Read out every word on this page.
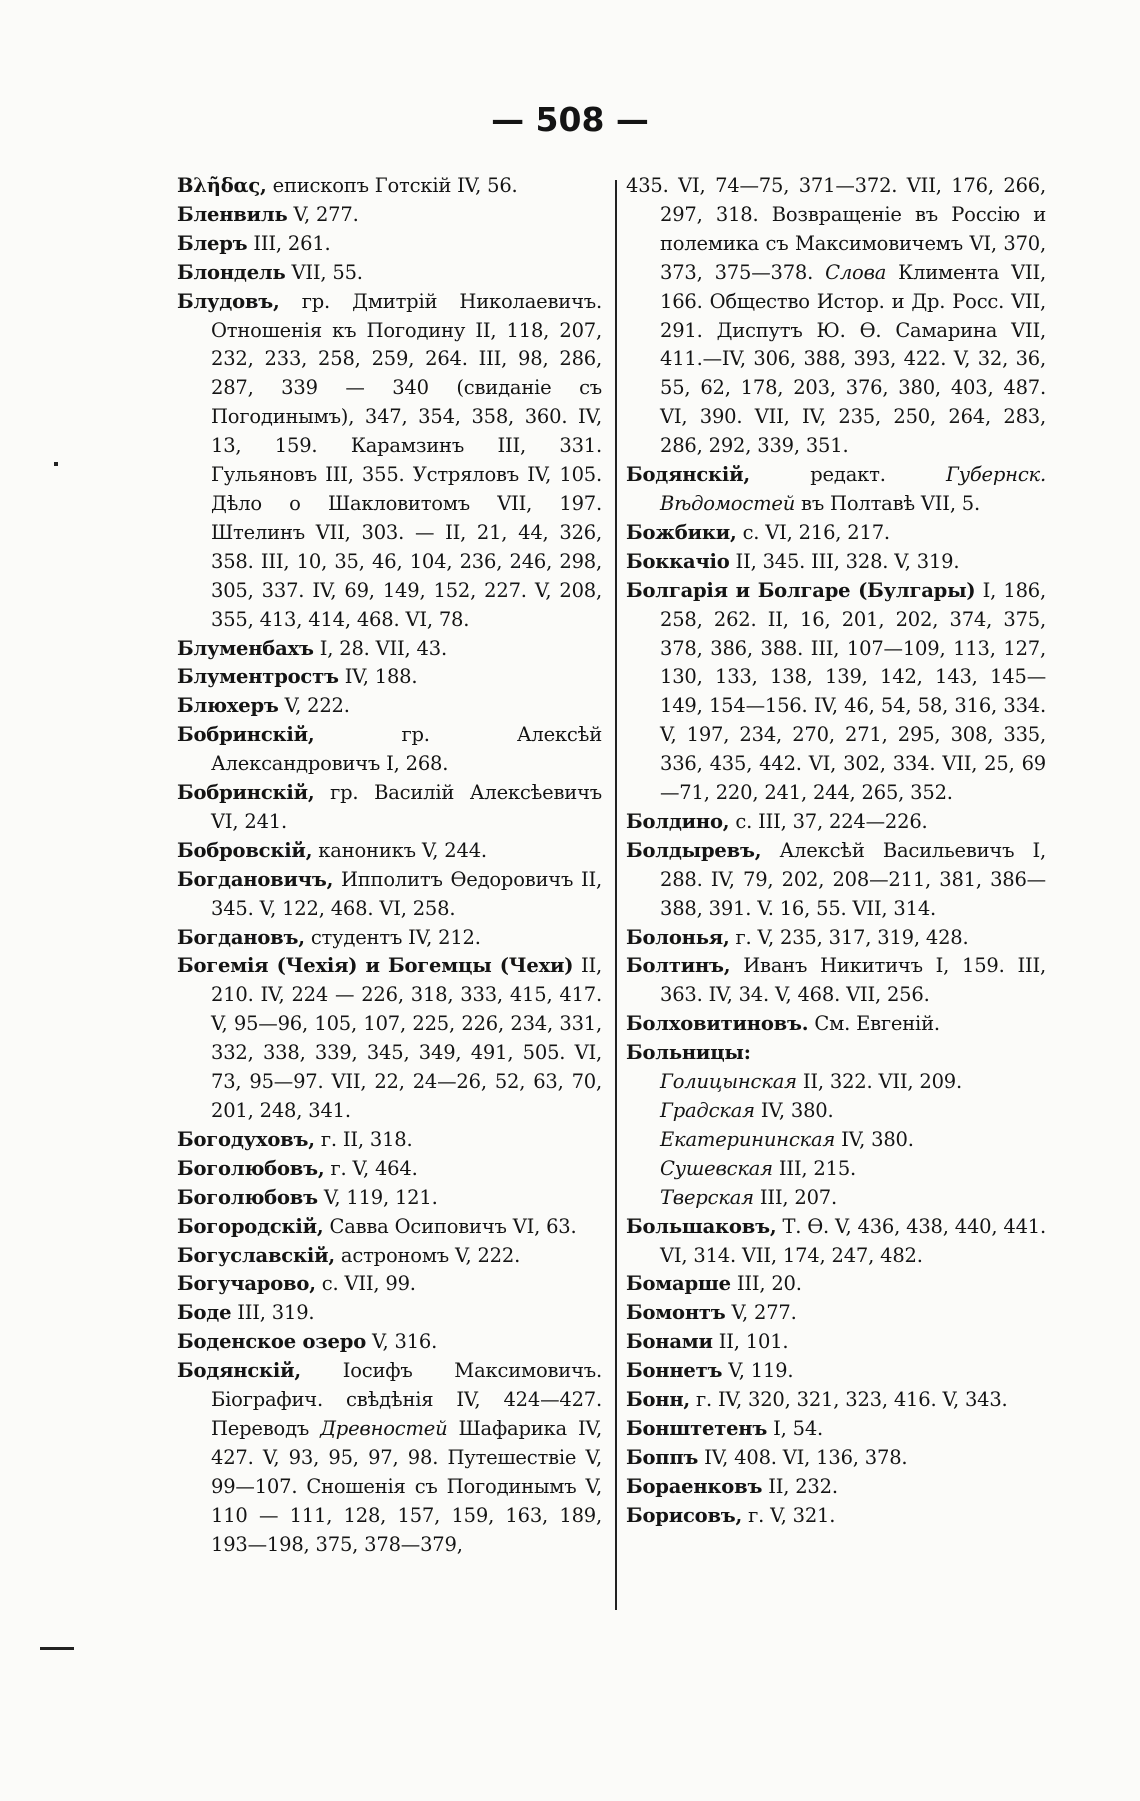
— 508 —
Βλῆδας, епископъ Готскій IV, 56.
Бленвиль V, 277.
Блеръ III, 261.
Блондель VII, 55.
Блудовъ, гр. Дмитрій Николаевичъ. Отношенія къ Погодину II, 118, 207, 232, 233, 258, 259, 264. III, 98, 286, 287, 339 — 340 (свиданіе съ Погодинымъ), 347, 354, 358, 360. IV, 13, 159. Карамзинъ III, 331. Гульяновъ III, 355. Устряловъ IV, 105. Дѣло о Шакловитомъ VII, 197. Штелинъ VII, 303. — II, 21, 44, 326, 358. III, 10, 35, 46, 104, 236, 246, 298, 305, 337. IV, 69, 149, 152, 227. V, 208, 355, 413, 414, 468. VI, 78.
Блуменбахъ I, 28. VII, 43.
Блументростъ IV, 188.
Блюхеръ V, 222.
Бобринскій, гр. Алексѣй Александровичъ I, 268.
Бобринскій, гр. Василій Алексѣевичъ VI, 241.
Бобровскій, каноникъ V, 244.
Богдановичъ, Ипполитъ Ѳедоровичъ II, 345. V, 122, 468. VI, 258.
Богдановъ, студентъ IV, 212.
Богемія (Чехія) и Богемцы (Чехи) II, 210. IV, 224 — 226, 318, 333, 415, 417. V, 95—96, 105, 107, 225, 226, 234, 331, 332, 338, 339, 345, 349, 491, 505. VI, 73, 95—97. VII, 22, 24—26, 52, 63, 70, 201, 248, 341.
Богодуховъ, г. II, 318.
Боголюбовъ, г. V, 464.
Боголюбовъ V, 119, 121.
Богородскій, Савва Осиповичъ VI, 63.
Богуславскій, астрономъ V, 222.
Богучарово, с. VII, 99.
Боде III, 319.
Боденское озеро V, 316.
Бодянскій, Іосифъ Максимовичъ. Біографич. свѣдѣнія IV, 424—427. Переводъ Древностей Шафарика IV, 427. V, 93, 95, 97, 98. Путешествіе V, 99—107. Сношенія съ Погодинымъ V, 110 — 111, 128, 157, 159, 163, 189, 193—198, 375, 378—379,
435. VI, 74—75, 371—372. VII, 176, 266, 297, 318. Возвращеніе въ Россію и полемика съ Максимовичемъ VI, 370, 373, 375—378. Слова Климента VII, 166. Общество Истор. и Др. Росс. VII, 291. Диспутъ Ю. Ѳ. Самарина VII, 411.—IV, 306, 388, 393, 422. V, 32, 36, 55, 62, 178, 203, 376, 380, 403, 487. VI, 390. VII, IV, 235, 250, 264, 283, 286, 292, 339, 351.
Бодянскій, редакт. Губернск. Вѣдомостей въ Полтавѣ VII, 5.
Божбики, с. VI, 216, 217.
Боккачіо II, 345. III, 328. V, 319.
Болгарія и Болгаре (Булгары) I, 186, 258, 262. II, 16, 201, 202, 374, 375, 378, 386, 388. III, 107—109, 113, 127, 130, 133, 138, 139, 142, 143, 145—149, 154—156. IV, 46, 54, 58, 316, 334. V, 197, 234, 270, 271, 295, 308, 335, 336, 435, 442. VI, 302, 334. VII, 25, 69—71, 220, 241, 244, 265, 352.
Болдино, с. III, 37, 224—226.
Болдыревъ, Алексѣй Васильевичъ I, 288. IV, 79, 202, 208—211, 381, 386—388, 391. V. 16, 55. VII, 314.
Болонья, г. V, 235, 317, 319, 428.
Болтинъ, Иванъ Никитичъ I, 159. III, 363. IV, 34. V, 468. VII, 256.
Болховитиновъ. См. Евгеній.
Больницы:
Голицынская II, 322. VII, 209.
Градская IV, 380.
Екатерининская IV, 380.
Сушевская III, 215.
Тверская III, 207.
Большаковъ, Т. Ѳ. V, 436, 438, 440, 441. VI, 314. VII, 174, 247, 482.
Бомарше III, 20.
Бомонтъ V, 277.
Бонами II, 101.
Боннетъ V, 119.
Бонн, г. IV, 320, 321, 323, 416. V, 343.
Бонштетенъ I, 54.
Боппъ IV, 408. VI, 136, 378.
Бораенковъ II, 232.
Борисовъ, г. V, 321.
